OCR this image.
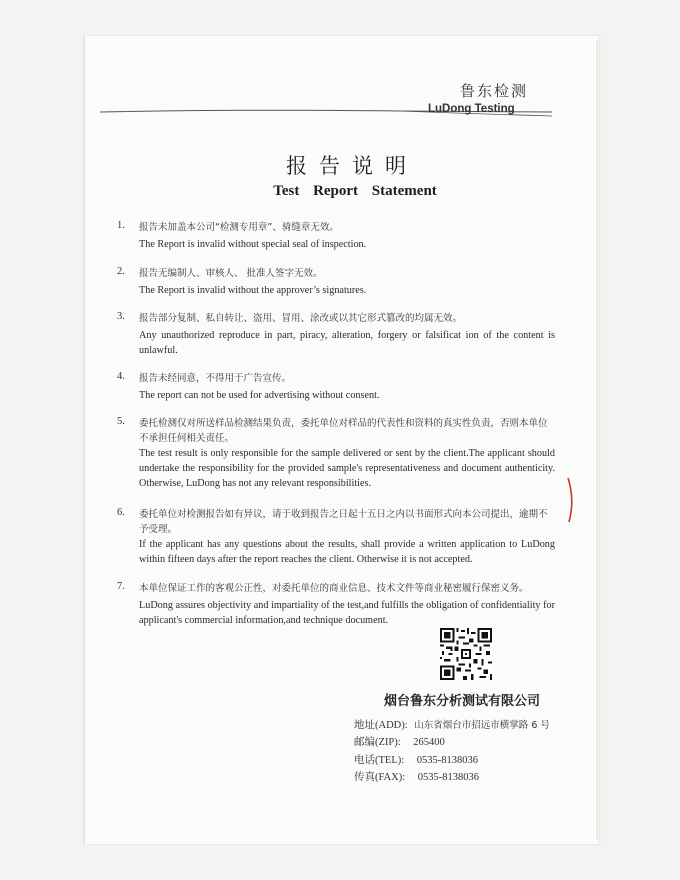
鲁东检测
LuDong Testing
报告说明
Test Report Statement
1. 报告未加盖本公司“检测专用章”、骑缝章无效。
The Report is invalid without special seal of inspection.
2. 报告无编制人、审核人、 批准人签字无效。
The Report is invalid without the approver’s signatures.
3. 报告部分复制、私自转让、盗用、冒用、涂改或以其它形式篡改的均属无效。
Any unauthorized reproduce in part, piracy, alteration, forgery or falsificat ion of the content is unlawful.
4. 报告未经同意，不得用于广告宣传。
The report can not be used for advertising without consent.
5. 委托检测仅对所送样品检测结果负责，委托单位对样品的代表性和资料的真实性负责，否则本单位不承担任何相关责任。
The test result is only responsible for the sample delivered or sent by the client.The applicant should undertake the responsibility for the provided sample's representativeness and document authenticity. Otherwise, LuDong has not any relevant responsibilities.
6. 委托单位对检测报告如有异议，请于收到报告之日起十五日之内以书面形式向本公司提出，逾期不予受理。
If the applicant has any questions about the results, shall provide a written application to LuDong within fifteen days after the report reaches the client. Otherwise it is not accepted.
7. 本单位保证工作的客观公正性，对委托单位的商业信息、技术文件等商业秘密履行保密义务。
LuDong assures objectivity and impartiality of the test,and fulfills the obligation of confidentiality for applicant's commercial information,and technique document.
烟台鲁东分析测试有限公司
地址(ADD): 山东省烟台市招远市横掌路 6 号
邮编(ZIP): 265400
电话(TEL): 0535-8138036
传真(FAX): 0535-8138036
